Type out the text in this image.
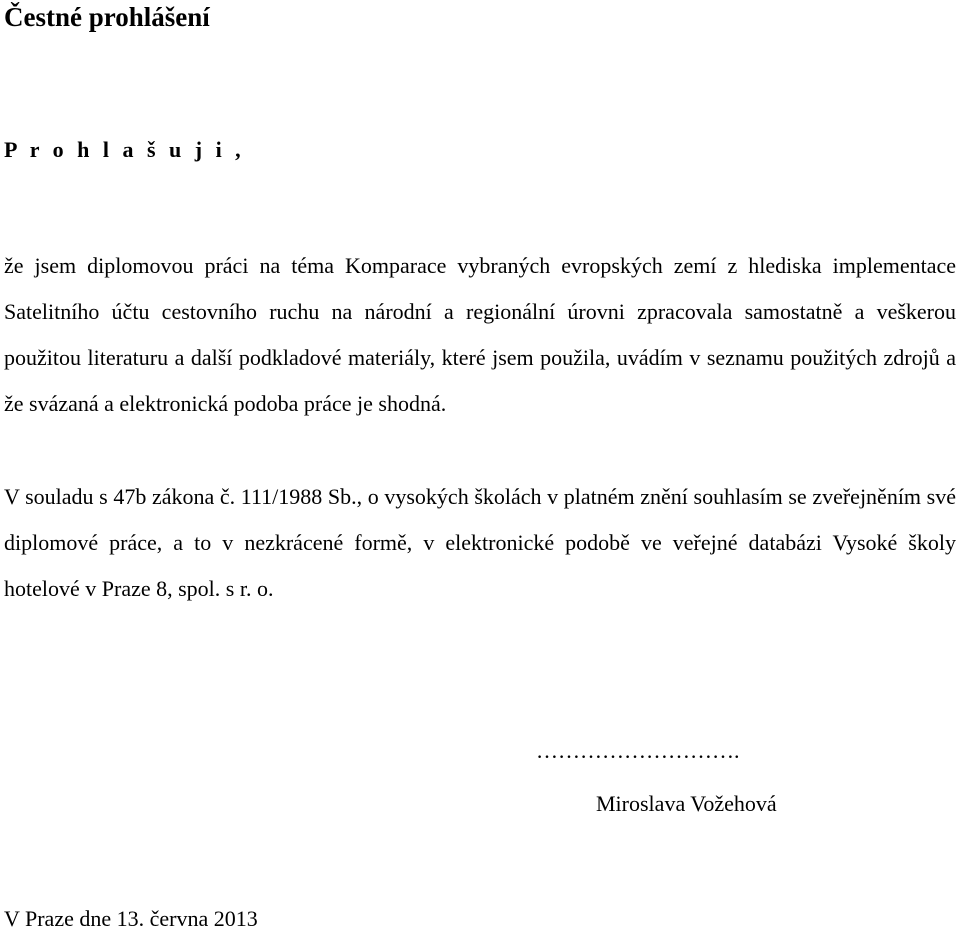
Čestné prohlášení
P r o h l a š u j i ,

že jsem diplomovou práci na téma Komparace vybraných evropských zemí z hlediska implementace Satelitního účtu cestovního ruchu na národní a regionální úrovni zpracovala samostatně a veškerou použitou literaturu a další podkladové materiály, které jsem použila, uvádím v seznamu použitých zdrojů a že svázaná a elektronická podoba práce je shodná.

V souladu s 47b zákona č. 111/1988 Sb., o vysokých školách v platném znění souhlasím se zveřejněním své diplomové práce, a to v nezkrácené formě, v elektronické podobě ve veřejné databázi Vysoké školy hotelové v Praze 8, spol. s r. o.

……………………….
Miroslava Vožehová
V Praze dne 13. června 2013
